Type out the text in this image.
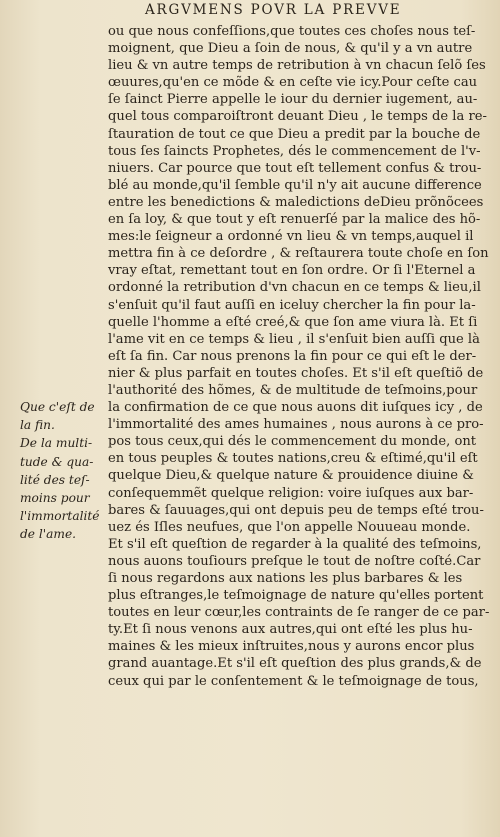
ARGVMENS POVR LA PREVVE
ou que nous confeſſions,que toutes ces choſes nous teſ-
moignent, que Dieu a ſoin de nous, & qu'il y a vn autre
lieu & vn autre temps de retribution à vn chacun ſelõ ſes
œuures,qu'en ce mõde & en ceſte vie icy.Pour ceſte cau
ſe ſainct Pierre appelle le iour du dernier iugement, au-
quel tous comparoiſtront deuant Dieu , le temps de la re-
ſtauration de tout ce que Dieu a predit par la bouche de
tous ſes ſaincts Prophetes, dés le commencement de l'v-
niuers. Car pource que tout eſt tellement confus & trou-
blé au monde,qu'il ſemble qu'il n'y ait aucune difference
entre les benedictions & maledictions deDieu prõnõcees
en ſa loy, & que tout y eſt renuerſé par la malice des hõ-
mes:le ſeigneur a ordonné vn lieu & vn temps,auquel il
mettra fin à ce deſordre , & reſtaurera toute choſe en ſon
vray eſtat, remettant tout en ſon ordre. Or ſi l'Eternel a
ordonné la retribution d'vn chacun en ce temps & lieu,il
s'enſuit qu'il faut auſſi en iceluy chercher la fin pour la-
quelle l'homme a eſté creé,& que ſon ame viura là. Et ſi
l'ame vit en ce temps & lieu , il s'enſuit bien auſſi que là
eſt ſa fin. Car nous prenons la fin pour ce qui eſt le der-
nier & plus parfait en toutes choſes. Et s'il eſt queſtiõ de
l'authorité des hõmes, & de multitude de teſmoins,pour
la confirmation de ce que nous auons dit iuſques icy , de
l'immortalité des ames humaines , nous aurons à ce pro-
pos tous ceux,qui dés le commencement du monde, ont
en tous peuples & toutes nations,creu & eſtimé,qu'il eſt
quelque Dieu,& quelque nature & prouidence diuine &
conſequemmẽt quelque religion: voire iuſques aux bar-
bares & ſauuages,qui ont depuis peu de temps eſté trou-
uez és Iſles neufues, que l'on appelle Nouueau monde.
Et s'il eſt queſtion de regarder à la qualité des teſmoins,
nous auons touſiours preſque le tout de noſtre coſté.Car
ſi nous regardons aux nations les plus barbares & les
plus eſtranges,le teſmoignage de nature qu'elles portent
toutes en leur cœur,les contraints de ſe ranger de ce par-
ty.Et ſi nous venons aux autres,qui ont eſté les plus hu-
maines & les mieux inſtruites,nous y aurons encor plus
grand auantage.Et s'il eſt queſtion des plus grands,& de
ceux qui par le conſentement & le teſmoignage de tous,
Que c'eſt de
la fin.
De la multi-
tude & qua-
lité des teſ-
moins pour
l'immortalité
de l'ame.
